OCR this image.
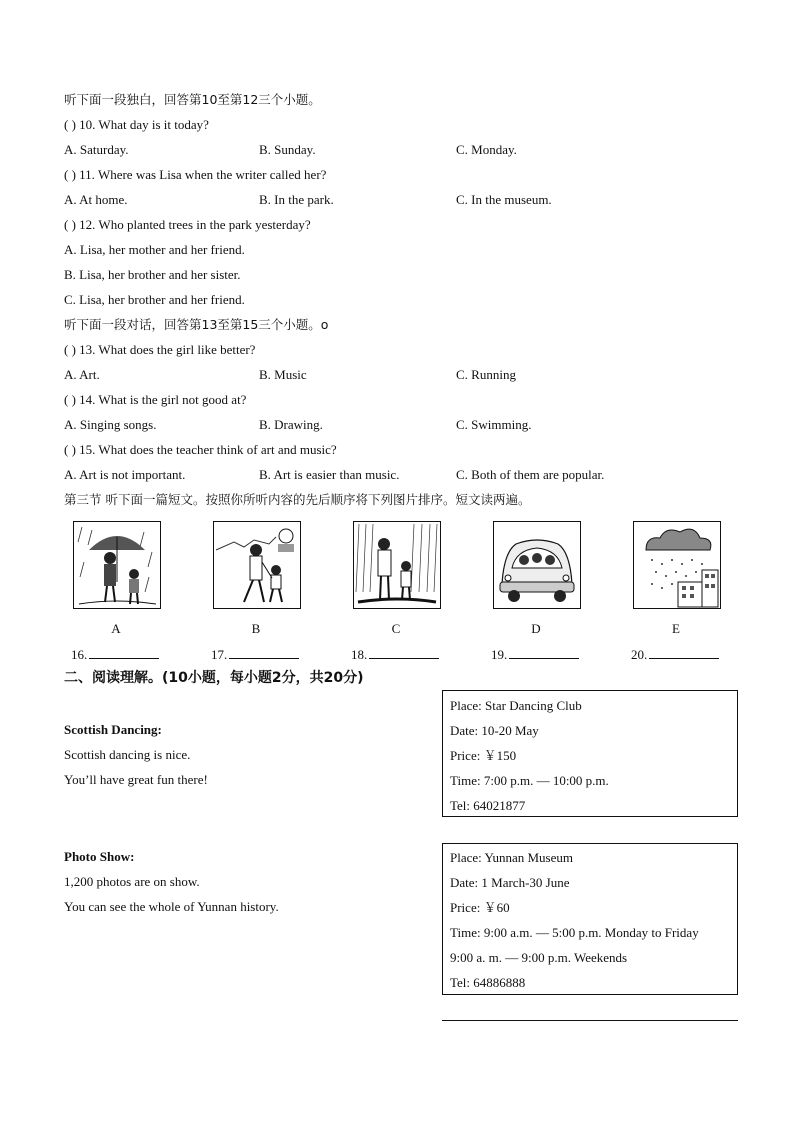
听下面一段独白，回答第10至第12三个小题。
( ) 10. What day is it today?
A. Saturday.	B. Sunday.	C. Monday.
( ) 11. Where was Lisa when the writer called her?
A. At home.	B. In the park.	C. In the museum.
( ) 12. Who planted trees in the park yesterday?
A. Lisa, her mother and her friend.
B. Lisa, her brother and her sister.
C. Lisa, her brother and her friend.
听下面一段对话，回答第13至第15三个小题。o
( ) 13. What does the girl like better?
A. Art.	B. Music	C. Running
( ) 14. What is the girl not good at?
A. Singing songs.	B. Drawing.	C. Swimming.
( ) 15. What does the teacher think of art and music?
A. Art is not important.	B. Art is easier than music.	C. Both of them are popular.
第三节 听下面一篇短文。按照你所听内容的先后顺序将下列图片排序。短文读两遍。
A	B	C	D	E
16.	17.	18.	19.	20.
二、阅读理解。(10小题，每小题2分，共20分)
Scottish Dancing:
Scottish dancing is nice.
You’ll have great fun there!
Place: Star Dancing Club
Date: 10-20 May
Price: ￥150
Time: 7:00 p.m. — 10:00 p.m.
Tel: 64021877
Photo Show:
1,200 photos are on show.
You can see the whole of Yunnan history.
Place: Yunnan Museum
Date: 1 March-30 June
Price: ￥60
Time: 9:00 a.m. — 5:00 p.m. Monday to Friday
9:00 a. m. — 9:00 p.m. Weekends
Tel: 64886888
